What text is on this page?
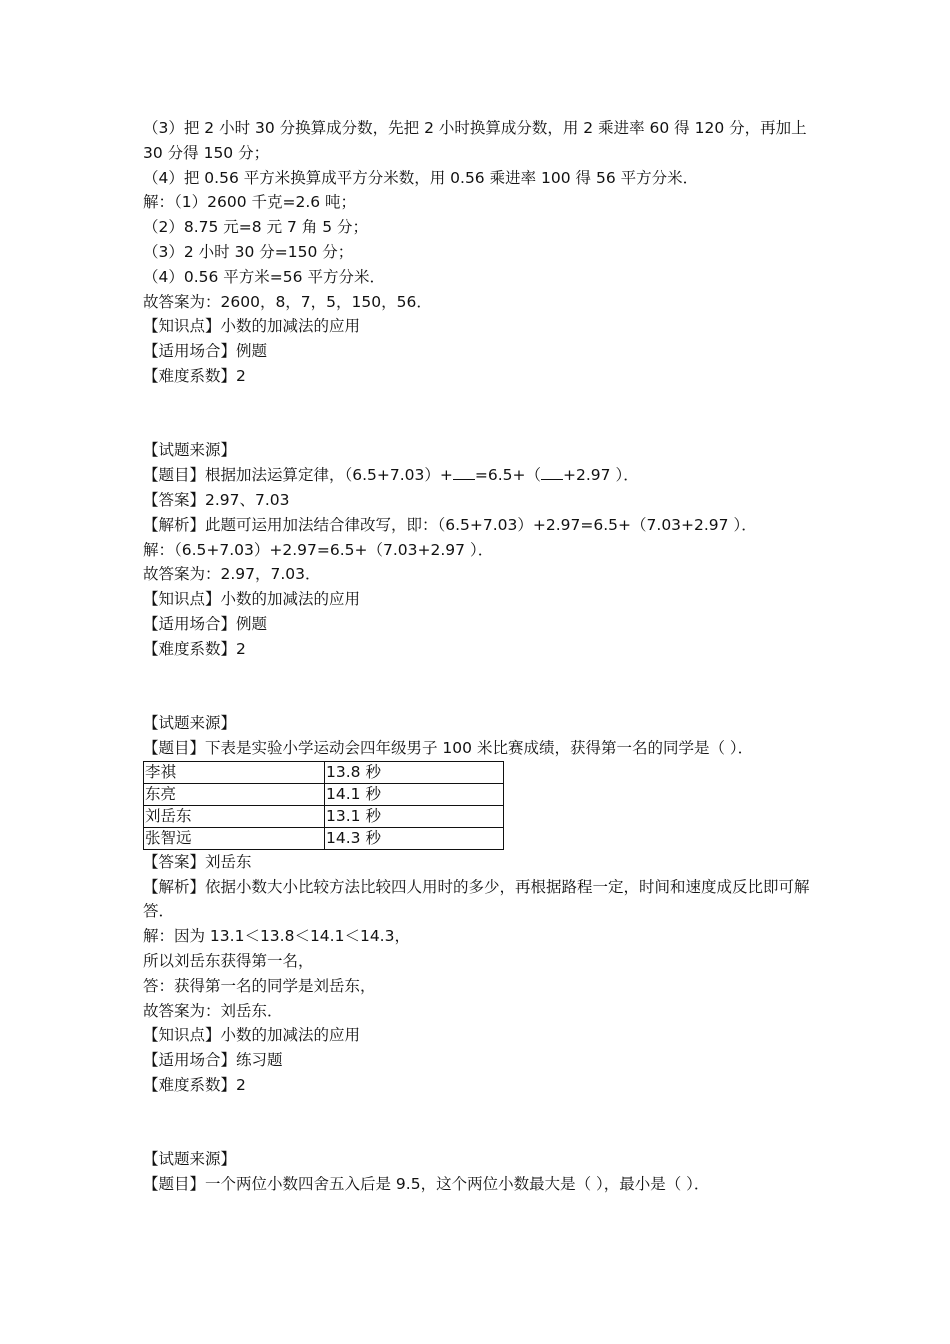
（3）把 2 小时 30 分换算成分数，先把 2 小时换算成分数，用 2 乘进率 60 得 120 分，再加上 30 分得 150 分；
（4）把 0.56 平方米换算成平方分米数，用 0.56 乘进率 100 得 56 平方分米．
解：（1）2600 千克=2.6 吨；
（2）8.75 元=8 元 7 角 5 分；
（3）2 小时 30 分=150 分；
（4）0.56 平方米=56 平方分米．
故答案为：2600，8，7，5，150，56．
【知识点】小数的加减法的应用
【适用场合】例题
【难度系数】2
【试题来源】
【题目】根据加法运算定律，（6.5+7.03）+ =6.5+（ +2.97 ）．
【答案】2.97、7.03
【解析】此题可运用加法结合律改写，即：（6.5+7.03）+2.97=6.5+（7.03+2.97 ）．
解：（6.5+7.03）+2.97=6.5+（7.03+2.97 ）．
故答案为：2.97，7.03．
【知识点】小数的加减法的应用
【适用场合】例题
【难度系数】2
【试题来源】
【题目】下表是实验小学运动会四年级男子 100 米比赛成绩，获得第一名的同学是（ ）．
李祺	13.8 秒
东亮	14.1 秒
刘岳东	13.1 秒
张智远	14.3 秒
【答案】刘岳东
【解析】依据小数大小比较方法比较四人用时的多少，再根据路程一定，时间和速度成反比即可解答．
解：因为 13.1＜13.8＜14.1＜14.3，
所以刘岳东获得第一名，
答：获得第一名的同学是刘岳东，
故答案为：刘岳东．
【知识点】小数的加减法的应用
【适用场合】练习题
【难度系数】2
【试题来源】
【题目】一个两位小数四舍五入后是 9.5，这个两位小数最大是（ ），最小是（ ）．
